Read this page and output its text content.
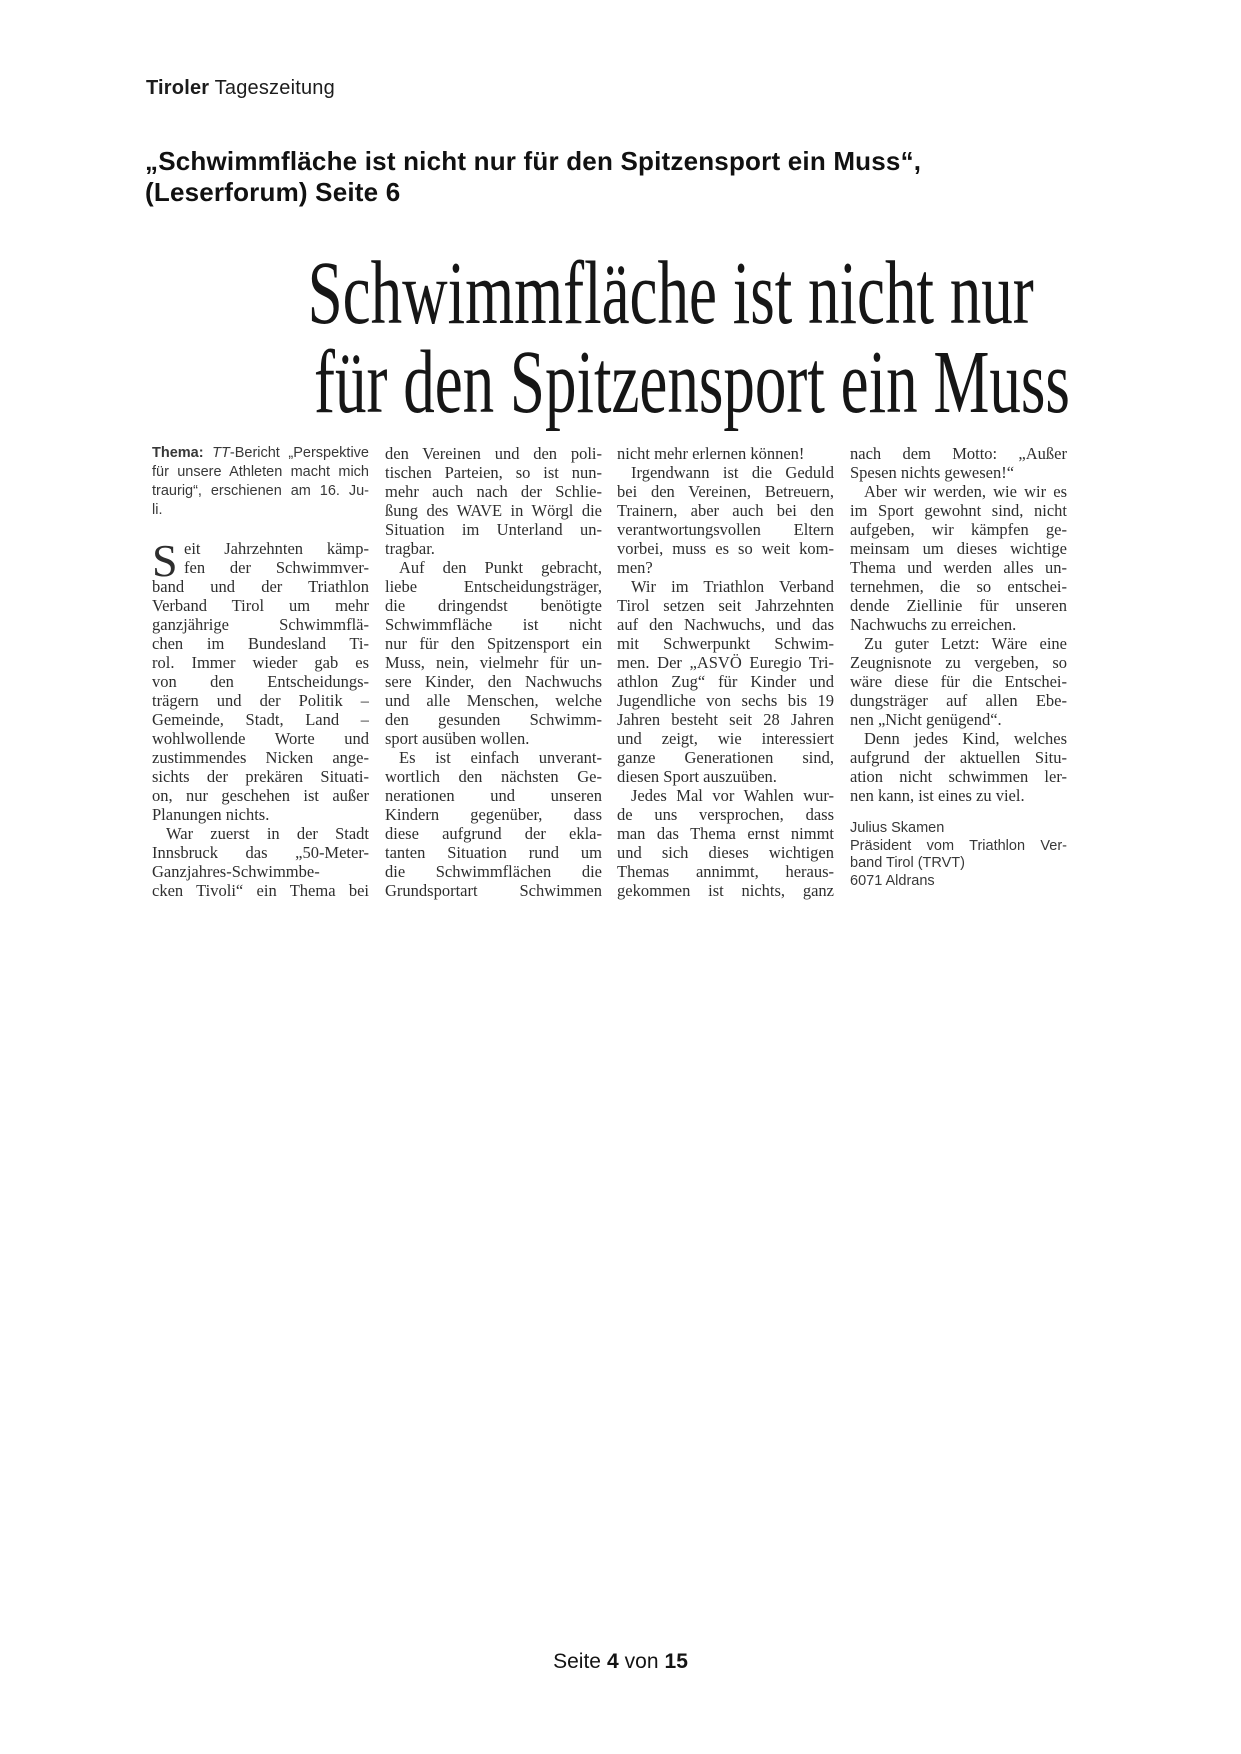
Tiroler Tageszeitung
„Schwimmfläche ist nicht nur für den Spitzensport ein Muss“,
(Leserforum) Seite 6
Schwimmfläche ist nicht nur
für den Spitzensport ein Muss
Thema: TT-Bericht „Perspektive
für unsere Athleten macht mich
traurig“, erschienen am 16. Ju-
li.
S eit Jahrzehnten kämp-
fen der Schwimmver-
band und der Triathlon
Verband Tirol um mehr
ganzjährige Schwimmflä-
chen im Bundesland Ti-
rol. Immer wieder gab es
von den Entscheidungs-
trägern und der Politik –
Gemeinde, Stadt, Land –
wohlwollende Worte und
zustimmendes Nicken ange-
sichts der prekären Situati-
on, nur geschehen ist außer
Planungen nichts.
War zuerst in der Stadt
Innsbruck das „50-Meter-
Ganzjahres-Schwimmbe-
cken Tivoli“ ein Thema bei
den Vereinen und den poli-
tischen Parteien, so ist nun-
mehr auch nach der Schlie-
ßung des WAVE in Wörgl die
Situation im Unterland un-
tragbar.
Auf den Punkt gebracht,
liebe Entscheidungsträger,
die dringendst benötigte
Schwimmfläche ist nicht
nur für den Spitzensport ein
Muss, nein, vielmehr für un-
sere Kinder, den Nachwuchs
und alle Menschen, welche
den gesunden Schwimm-
sport ausüben wollen.
Es ist einfach unverant-
wortlich den nächsten Ge-
nerationen und unseren
Kindern gegenüber, dass
diese aufgrund der ekla-
tanten Situation rund um
die Schwimmflächen die
Grundsportart Schwimmen
nicht mehr erlernen können!
Irgendwann ist die Geduld
bei den Vereinen, Betreuern,
Trainern, aber auch bei den
verantwortungsvollen Eltern
vorbei, muss es so weit kom-
men?
Wir im Triathlon Verband
Tirol setzen seit Jahrzehnten
auf den Nachwuchs, und das
mit Schwerpunkt Schwim-
men. Der „ASVÖ Euregio Tri-
athlon Zug“ für Kinder und
Jugendliche von sechs bis 19
Jahren besteht seit 28 Jahren
und zeigt, wie interessiert
ganze Generationen sind,
diesen Sport auszuüben.
Jedes Mal vor Wahlen wur-
de uns versprochen, dass
man das Thema ernst nimmt
und sich dieses wichtigen
Themas annimmt, heraus-
gekommen ist nichts, ganz
nach dem Motto: „Außer
Spesen nichts gewesen!“
Aber wir werden, wie wir es
im Sport gewohnt sind, nicht
aufgeben, wir kämpfen ge-
meinsam um dieses wichtige
Thema und werden alles un-
ternehmen, die so entschei-
dende Ziellinie für unseren
Nachwuchs zu erreichen.
Zu guter Letzt: Wäre eine
Zeugnisnote zu vergeben, so
wäre diese für die Entschei-
dungsträger auf allen Ebe-
nen „Nicht genügend“.
Denn jedes Kind, welches
aufgrund der aktuellen Situ-
ation nicht schwimmen ler-
nen kann, ist eines zu viel.
Julius Skamen
Präsident vom Triathlon Ver-
band Tirol (TRVT)
6071 Aldrans
Seite 4 von 15
